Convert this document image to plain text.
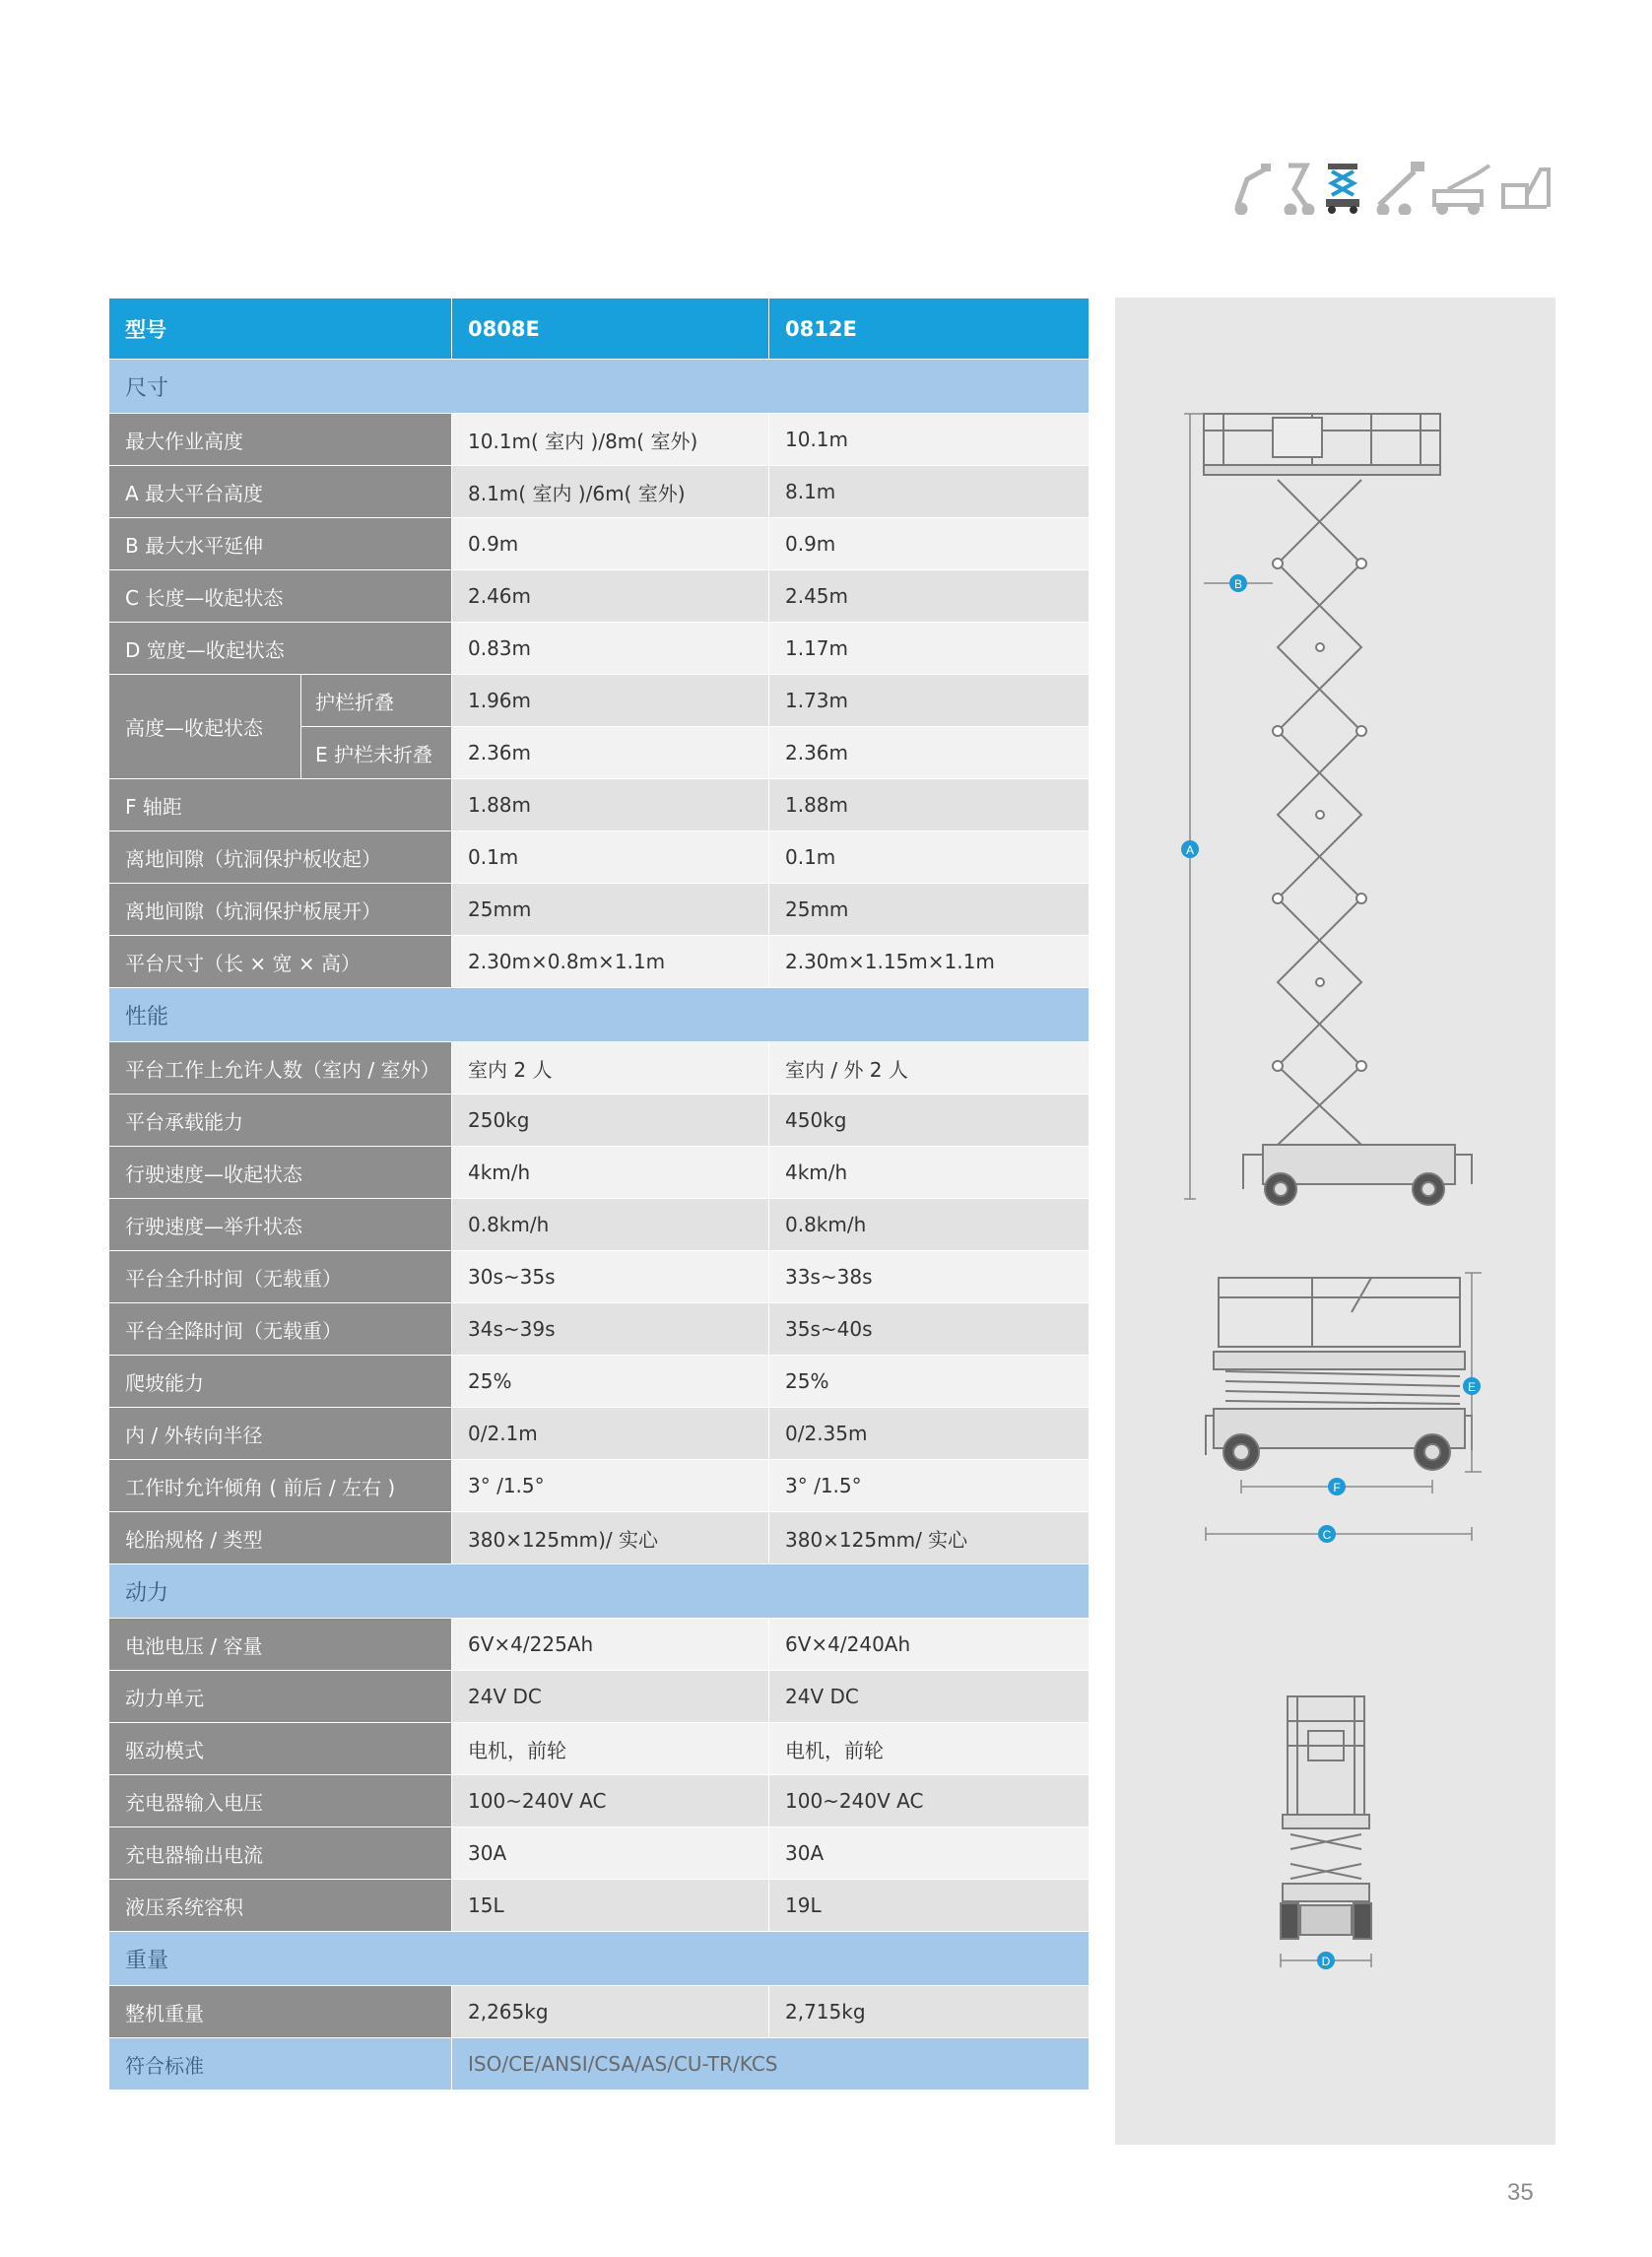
型号		0808E	0812E
尺寸			
最大作业高度		10.1m( 室内 )/8m( 室外)	10.1m
A 最大平台高度		8.1m( 室内 )/6m( 室外)	8.1m
B 最大水平延伸		0.9m	0.9m
C 长度—收起状态		2.46m	2.45m
D 宽度—收起状态		0.83m	1.17m
高度—收起状态	护栏折叠	1.96m	1.73m
	E 护栏未折叠	2.36m	2.36m
F 轴距		1.88m	1.88m
离地间隙（坑洞保护板收起）		0.1m	0.1m
离地间隙（坑洞保护板展开）		25mm	25mm
平台尺寸（长 × 宽 × 高）		2.30m×0.8m×1.1m	2.30m×1.15m×1.1m
性能			
平台工作上允许人数（室内 / 室外）		室内 2 人	室内 / 外 2 人
平台承载能力		250kg	450kg
行驶速度—收起状态		4km/h	4km/h
行驶速度—举升状态		0.8km/h	0.8km/h
平台全升时间（无载重）		30s~35s	33s~38s
平台全降时间（无载重）		34s~39s	35s~40s
爬坡能力		25%	25%
内 / 外转向半径		0/2.1m	0/2.35m
工作时允许倾角 ( 前后 / 左右 )		3° /1.5°	3° /1.5°
轮胎规格 / 类型		380×125mm)/ 实心	380×125mm/ 实心
动力			
电池电压 / 容量		6V×4/225Ah	6V×4/240Ah
动力单元		24V DC	24V DC
驱动模式		电机，前轮	电机，前轮
充电器输入电压		100~240V AC	100~240V AC
充电器输出电流		30A	30A
液压系统容积		15L	19L
重量			
整机重量		2,265kg	2,715kg
符合标准		ISO/CE/ANSI/CSA/AS/CU-TR/KCS	
A
B
C
D
E
F
35
